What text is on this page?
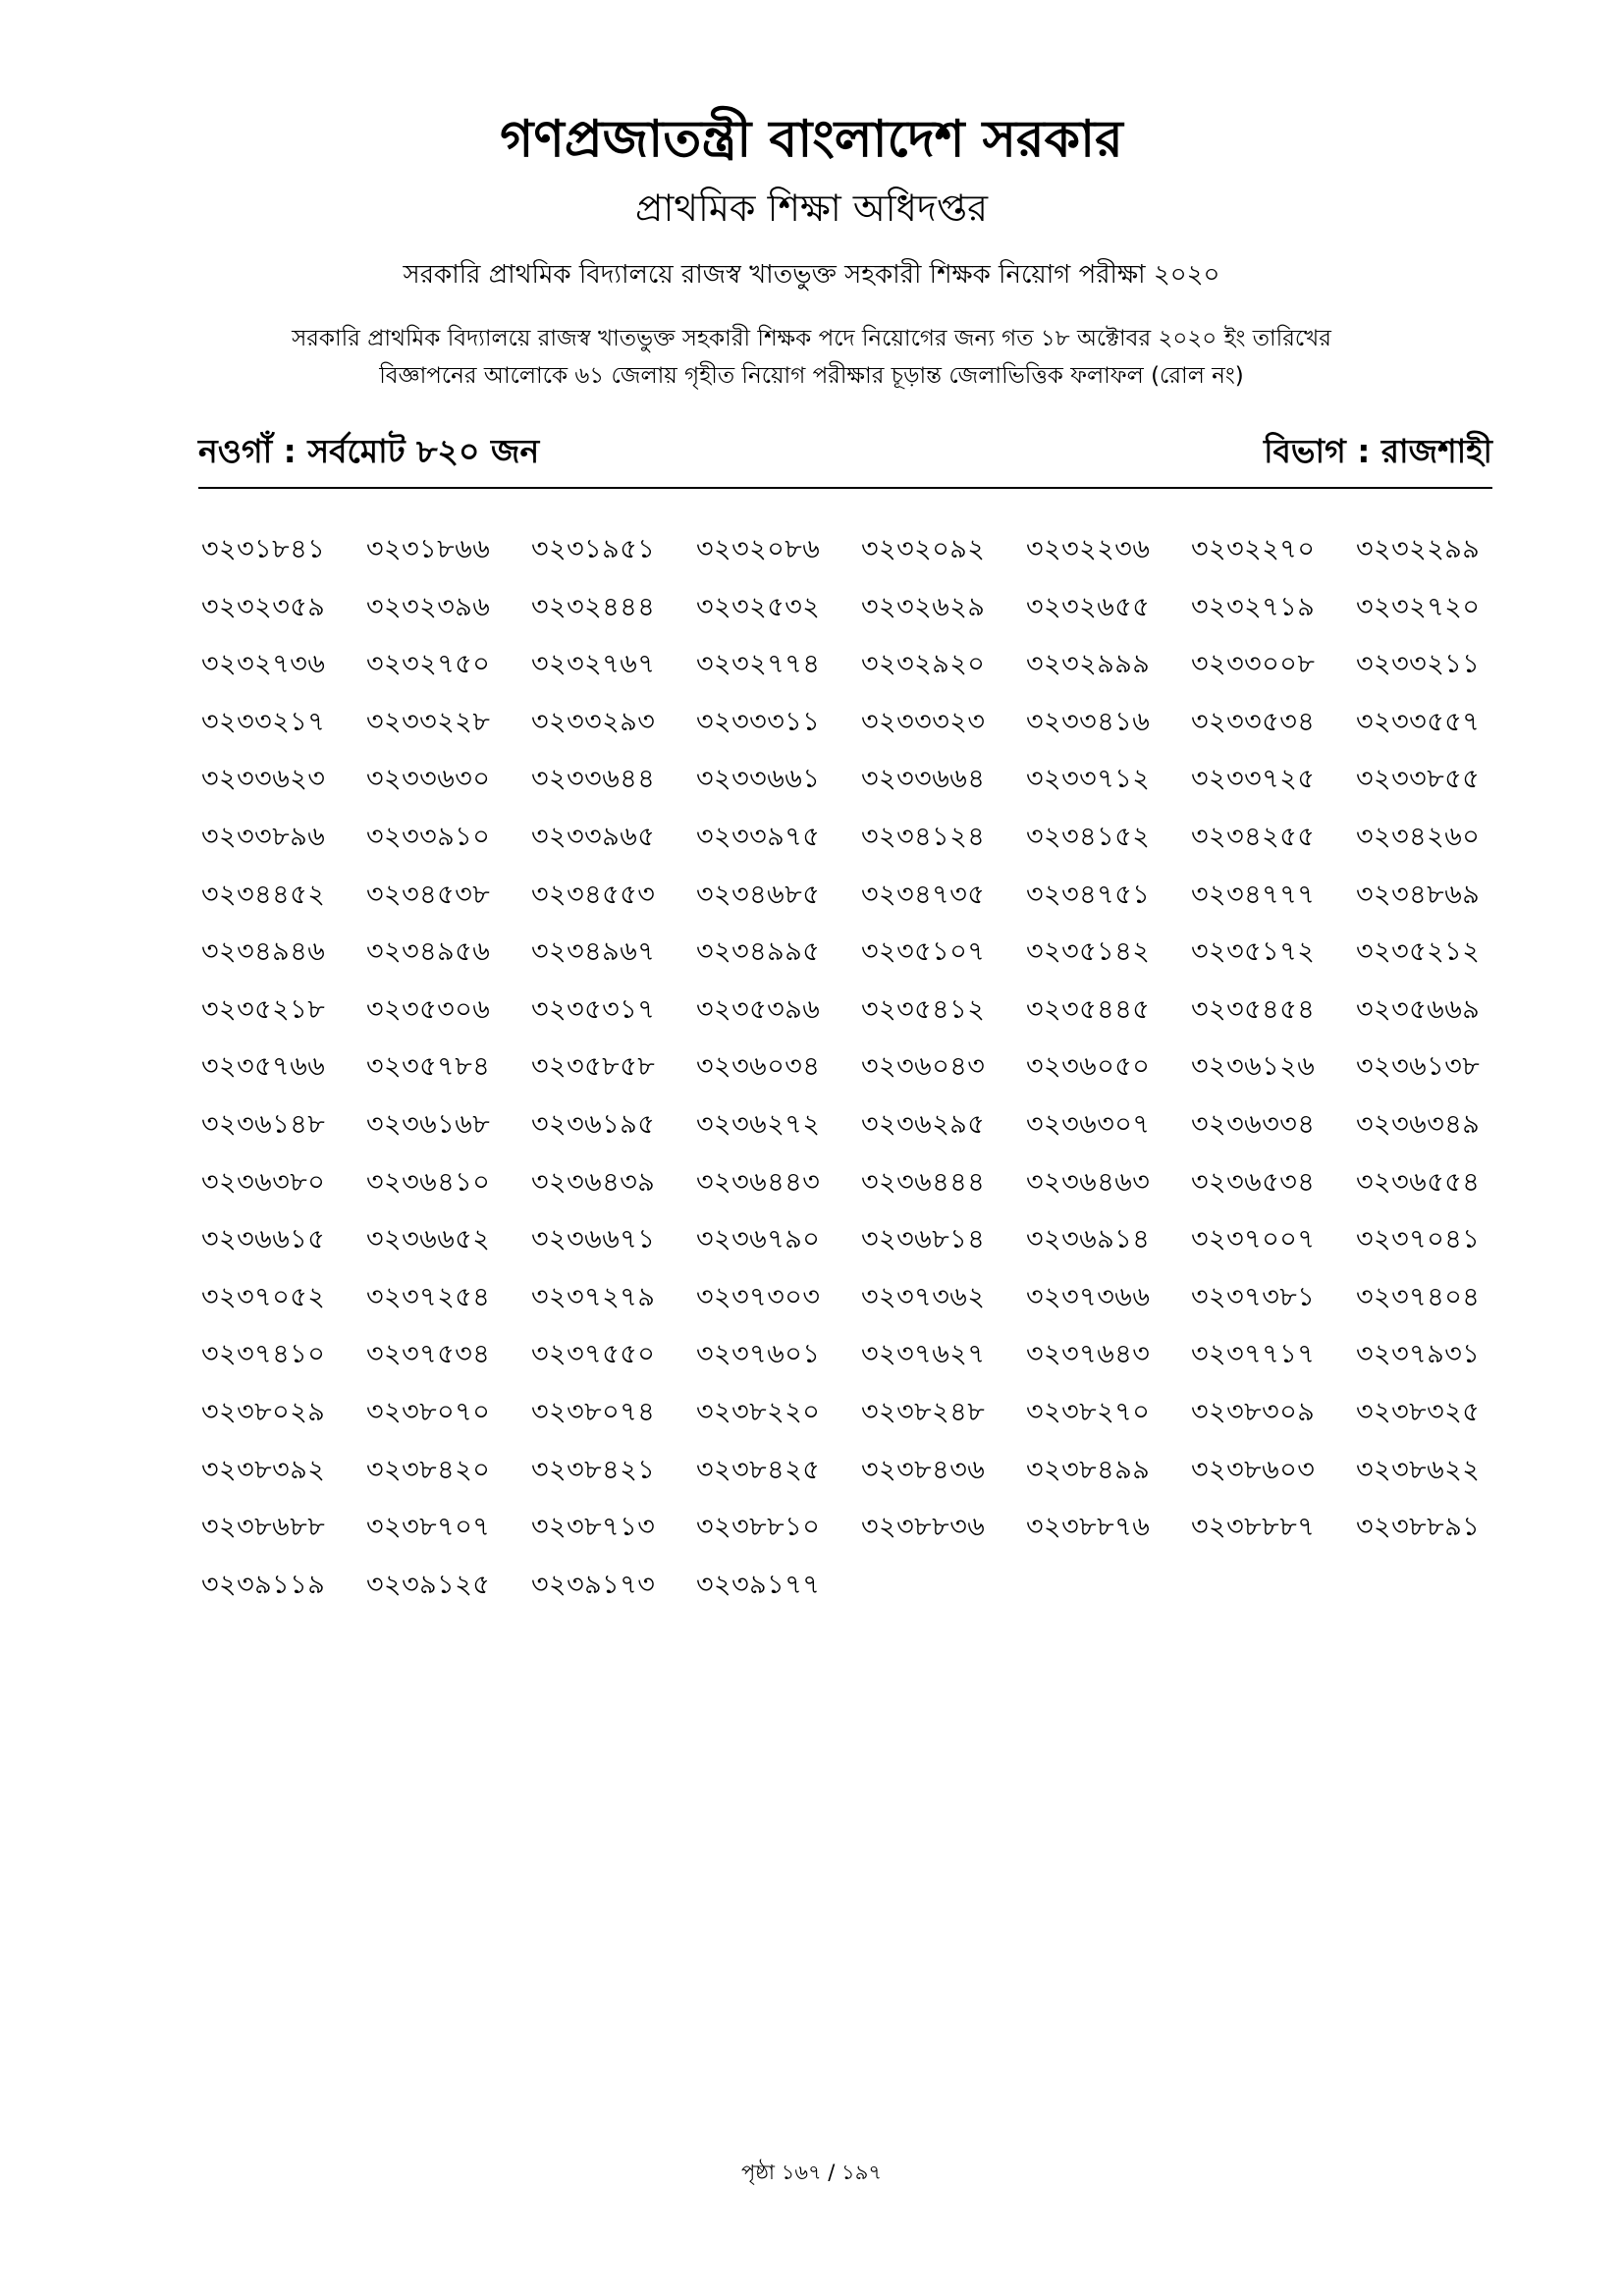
গণপ্রজাতন্ত্রী বাংলাদেশ সরকার
প্রাথমিক শিক্ষা অধিদপ্তর
সরকারি প্রাথমিক বিদ্যালয়ে রাজস্ব খাতভুক্ত সহকারী শিক্ষক নিয়োগ পরীক্ষা ২০২০
সরকারি প্রাথমিক বিদ্যালয়ে রাজস্ব খাতভুক্ত সহকারী শিক্ষক পদে নিয়োগের জন্য গত ১৮ অক্টোবর ২০২০ ইং তারিখের
বিজ্ঞাপনের আলোকে ৬১ জেলায় গৃহীত নিয়োগ পরীক্ষার চূড়ান্ত জেলাভিত্তিক ফলাফল (রোল নং)
নওগাঁ : সর্বমোট ৮২০ জন	বিভাগ : রাজশাহী
৩২৩১৮৪১	৩২৩১৮৬৬	৩২৩১৯৫১	৩২৩২০৮৬	৩২৩২০৯২	৩২৩২২৩৬	৩২৩২২৭০	৩২৩২২৯৯
৩২৩২৩৫৯	৩২৩২৩৯৬	৩২৩২৪৪৪	৩২৩২৫৩২	৩২৩২৬২৯	৩২৩২৬৫৫	৩২৩২৭১৯	৩২৩২৭২০
৩২৩২৭৩৬	৩২৩২৭৫০	৩২৩২৭৬৭	৩২৩২৭৭৪	৩২৩২৯২০	৩২৩২৯৯৯	৩২৩৩০০৮	৩২৩৩২১১
৩২৩৩২১৭	৩২৩৩২২৮	৩২৩৩২৯৩	৩২৩৩৩১১	৩২৩৩৩২৩	৩২৩৩৪১৬	৩২৩৩৫৩৪	৩২৩৩৫৫৭
৩২৩৩৬২৩	৩২৩৩৬৩০	৩২৩৩৬৪৪	৩২৩৩৬৬১	৩২৩৩৬৬৪	৩২৩৩৭১২	৩২৩৩৭২৫	৩২৩৩৮৫৫
৩২৩৩৮৯৬	৩২৩৩৯১০	৩২৩৩৯৬৫	৩২৩৩৯৭৫	৩২৩৪১২৪	৩২৩৪১৫২	৩২৩৪২৫৫	৩২৩৪২৬০
৩২৩৪৪৫২	৩২৩৪৫৩৮	৩২৩৪৫৫৩	৩২৩৪৬৮৫	৩২৩৪৭৩৫	৩২৩৪৭৫১	৩২৩৪৭৭৭	৩২৩৪৮৬৯
৩২৩৪৯৪৬	৩২৩৪৯৫৬	৩২৩৪৯৬৭	৩২৩৪৯৯৫	৩২৩৫১০৭	৩২৩৫১৪২	৩২৩৫১৭২	৩২৩৫২১২
৩২৩৫২১৮	৩২৩৫৩০৬	৩২৩৫৩১৭	৩২৩৫৩৯৬	৩২৩৫৪১২	৩২৩৫৪৪৫	৩২৩৫৪৫৪	৩২৩৫৬৬৯
৩২৩৫৭৬৬	৩২৩৫৭৮৪	৩২৩৫৮৫৮	৩২৩৬০৩৪	৩২৩৬০৪৩	৩২৩৬০৫০	৩২৩৬১২৬	৩২৩৬১৩৮
৩২৩৬১৪৮	৩২৩৬১৬৮	৩২৩৬১৯৫	৩২৩৬২৭২	৩২৩৬২৯৫	৩২৩৬৩০৭	৩২৩৬৩৩৪	৩২৩৬৩৪৯
৩২৩৬৩৮০	৩২৩৬৪১০	৩২৩৬৪৩৯	৩২৩৬৪৪৩	৩২৩৬৪৪৪	৩২৩৬৪৬৩	৩২৩৬৫৩৪	৩২৩৬৫৫৪
৩২৩৬৬১৫	৩২৩৬৬৫২	৩২৩৬৬৭১	৩২৩৬৭৯০	৩২৩৬৮১৪	৩২৩৬৯১৪	৩২৩৭০০৭	৩২৩৭০৪১
৩২৩৭০৫২	৩২৩৭২৫৪	৩২৩৭২৭৯	৩২৩৭৩০৩	৩২৩৭৩৬২	৩২৩৭৩৬৬	৩২৩৭৩৮১	৩২৩৭৪০৪
৩২৩৭৪১০	৩২৩৭৫৩৪	৩২৩৭৫৫০	৩২৩৭৬০১	৩২৩৭৬২৭	৩২৩৭৬৪৩	৩২৩৭৭১৭	৩২৩৭৯৩১
৩২৩৮০২৯	৩২৩৮০৭০	৩২৩৮০৭৪	৩২৩৮২২০	৩২৩৮২৪৮	৩২৩৮২৭০	৩২৩৮৩০৯	৩২৩৮৩২৫
৩২৩৮৩৯২	৩২৩৮৪২০	৩২৩৮৪২১	৩২৩৮৪২৫	৩২৩৮৪৩৬	৩২৩৮৪৯৯	৩২৩৮৬০৩	৩২৩৮৬২২
৩২৩৮৬৮৮	৩২৩৮৭০৭	৩২৩৮৭১৩	৩২৩৮৮১০	৩২৩৮৮৩৬	৩২৩৮৮৭৬	৩২৩৮৮৮৭	৩২৩৮৮৯১
৩২৩৯১১৯	৩২৩৯১২৫	৩২৩৯১৭৩	৩২৩৯১৭৭
পৃষ্ঠা ১৬৭ / ১৯৭
